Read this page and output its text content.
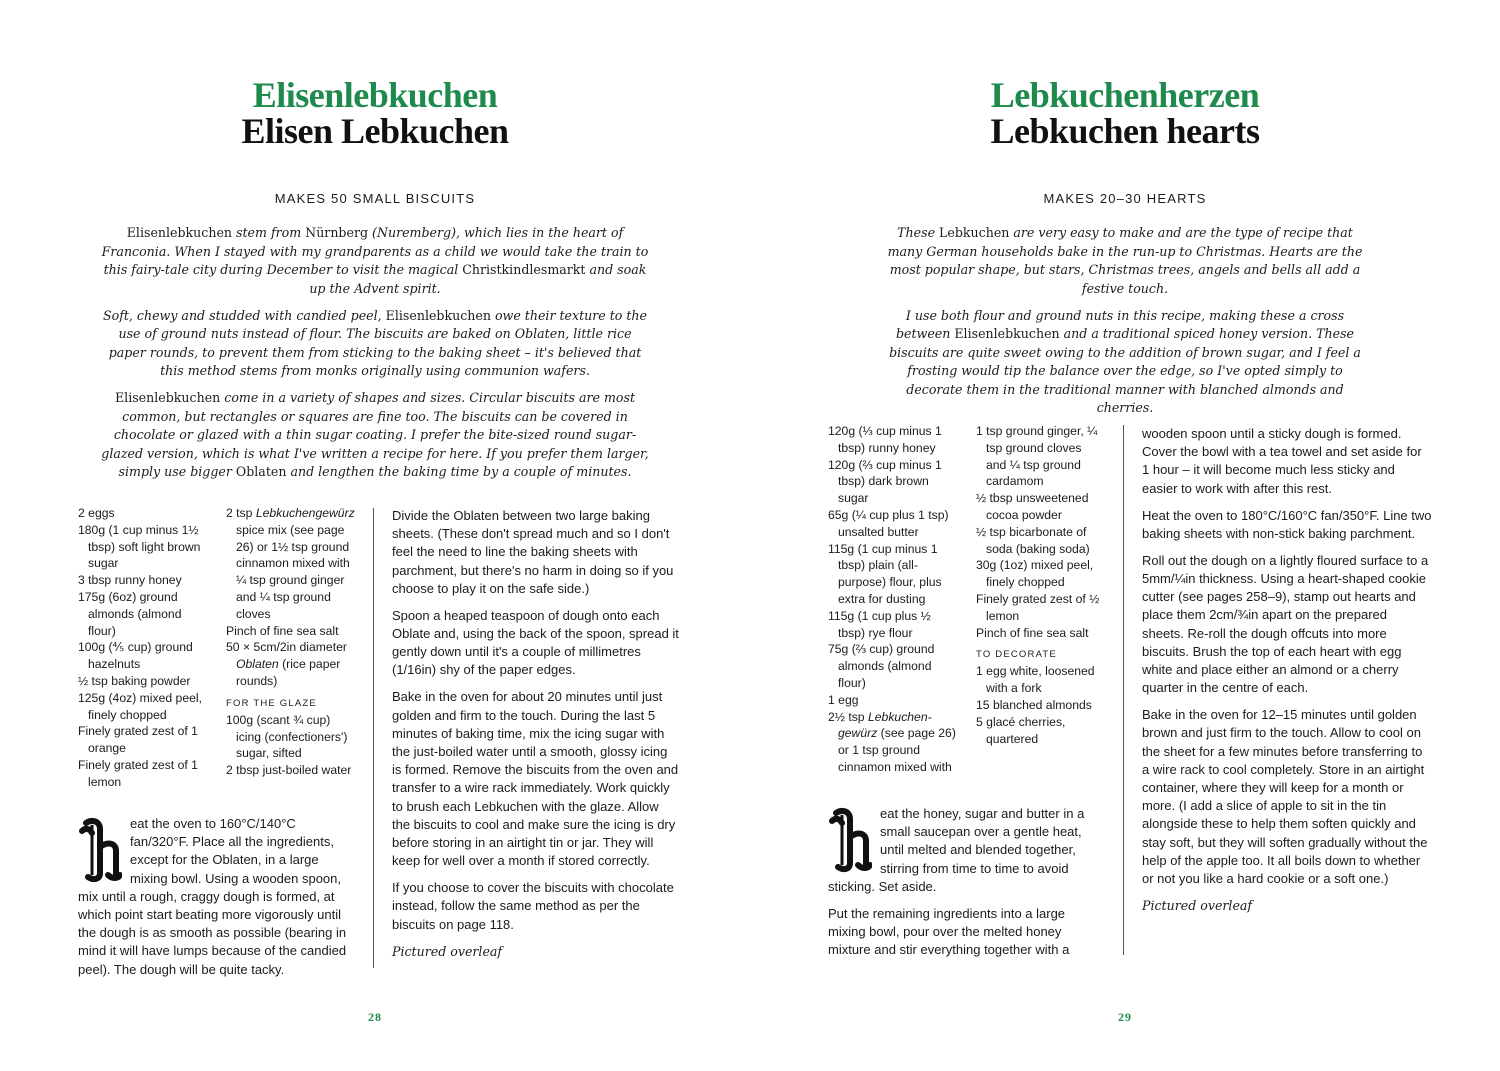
Elisenlebkuchen
Elisen Lebkuchen
MAKES 50 SMALL BISCUITS

Elisenlebkuchen stem from Nürnberg (Nuremberg), which lies in the heart of Franconia. When I stayed with my grandparents as a child we would take the train to this fairy-tale city during December to visit the magical Christkindlesmarkt and soak up the Advent spirit.

Soft, chewy and studded with candied peel, Elisenlebkuchen owe their texture to the use of ground nuts instead of flour. The biscuits are baked on Oblaten, little rice paper rounds, to prevent them from sticking to the baking sheet – it's believed that this method stems from monks originally using communion wafers.

Elisenlebkuchen come in a variety of shapes and sizes. Circular biscuits are most common, but rectangles or squares are fine too. The biscuits can be covered in chocolate or glazed with a thin sugar coating. I prefer the bite-sized round sugar-glazed version, which is what I've written a recipe for here. If you prefer them larger, simply use bigger Oblaten and lengthen the baking time by a couple of minutes.

2 eggs

180g (1 cup minus 1½ tbsp) soft light brown sugar

3 tbsp runny honey

175g (6oz) ground almonds (almond flour)

100g (⅘ cup) ground hazelnuts

½ tsp baking powder

125g (4oz) mixed peel, finely chopped

Finely grated zest of 1 orange

Finely grated zest of 1 lemon

2 tsp Lebkuchengewürz spice mix (see page 26) or 1½ tsp ground cinnamon mixed with ¼ tsp ground ginger and ¼ tsp ground cloves

Pinch of fine sea salt

50 × 5cm/2in diameter Oblaten (rice paper rounds)

FOR THE GLAZE

100g (scant ¾ cup) icing (confectioners') sugar, sifted

2 tbsp just-boiled water

eat the oven to 160°C/140°C fan/320°F. Place all the ingredients, except for the Oblaten, in a large mixing bowl. Using a wooden spoon, mix until a rough, craggy dough is formed, at which point start beating more vigorously until the dough is as smooth as possible (bearing in mind it will have lumps because of the candied peel). The dough will be quite tacky.

Divide the Oblaten between two large baking sheets. (These don't spread much and so I don't feel the need to line the baking sheets with parchment, but there's no harm in doing so if you choose to play it on the safe side.)

Spoon a heaped teaspoon of dough onto each Oblate and, using the back of the spoon, spread it gently down until it's a couple of millimetres (1/16in) shy of the paper edges.

Bake in the oven for about 20 minutes until just golden and firm to the touch. During the last 5 minutes of baking time, mix the icing sugar with the just-boiled water until a smooth, glossy icing is formed. Remove the biscuits from the oven and transfer to a wire rack immediately. Work quickly to brush each Lebkuchen with the glaze. Allow the biscuits to cool and make sure the icing is dry before storing in an airtight tin or jar. They will keep for well over a month if stored correctly.

If you choose to cover the biscuits with chocolate instead, follow the same method as per the biscuits on page 118.

Pictured overleaf

28
Lebkuchenherzen
Lebkuchen hearts
MAKES 20–30 HEARTS

These Lebkuchen are very easy to make and are the type of recipe that many German households bake in the run-up to Christmas. Hearts are the most popular shape, but stars, Christmas trees, angels and bells all add a festive touch.

I use both flour and ground nuts in this recipe, making these a cross between Elisenlebkuchen and a traditional spiced honey version. These biscuits are quite sweet owing to the addition of brown sugar, and I feel a frosting would tip the balance over the edge, so I've opted simply to decorate them in the traditional manner with blanched almonds and cherries.

120g (⅓ cup minus 1 tbsp) runny honey

120g (⅔ cup minus 1 tbsp) dark brown sugar

65g (¼ cup plus 1 tsp) unsalted butter

115g (1 cup minus 1 tbsp) plain (all-purpose) flour, plus extra for dusting

115g (1 cup plus ½ tbsp) rye flour

75g (⅔ cup) ground almonds (almond flour)

1 egg

2½ tsp Lebkuchen-gewürz (see page 26) or 1 tsp ground cinnamon mixed with

1 tsp ground ginger, ¼ tsp ground cloves and ¼ tsp ground cardamom

½ tbsp unsweetened cocoa powder

½ tsp bicarbonate of soda (baking soda)

30g (1oz) mixed peel, finely chopped

Finely grated zest of ½ lemon

Pinch of fine sea salt

TO DECORATE

1 egg white, loosened with a fork

15 blanched almonds

5 glacé cherries, quartered

eat the honey, sugar and butter in a small saucepan over a gentle heat, until melted and blended together, stirring from time to time to avoid sticking. Set aside.

Put the remaining ingredients into a large mixing bowl, pour over the melted honey mixture and stir everything together with a

wooden spoon until a sticky dough is formed. Cover the bowl with a tea towel and set aside for 1 hour – it will become much less sticky and easier to work with after this rest.

Heat the oven to 180°C/160°C fan/350°F. Line two baking sheets with non-stick baking parchment.

Roll out the dough on a lightly floured surface to a 5mm/¼in thickness. Using a heart-shaped cookie cutter (see pages 258–9), stamp out hearts and place them 2cm/¾in apart on the prepared sheets. Re-roll the dough offcuts into more biscuits. Brush the top of each heart with egg white and place either an almond or a cherry quarter in the centre of each.

Bake in the oven for 12–15 minutes until golden brown and just firm to the touch. Allow to cool on the sheet for a few minutes before transferring to a wire rack to cool completely. Store in an airtight container, where they will keep for a month or more. (I add a slice of apple to sit in the tin alongside these to help them soften quickly and stay soft, but they will soften gradually without the help of the apple too. It all boils down to whether or not you like a hard cookie or a soft one.)

Pictured overleaf

29
